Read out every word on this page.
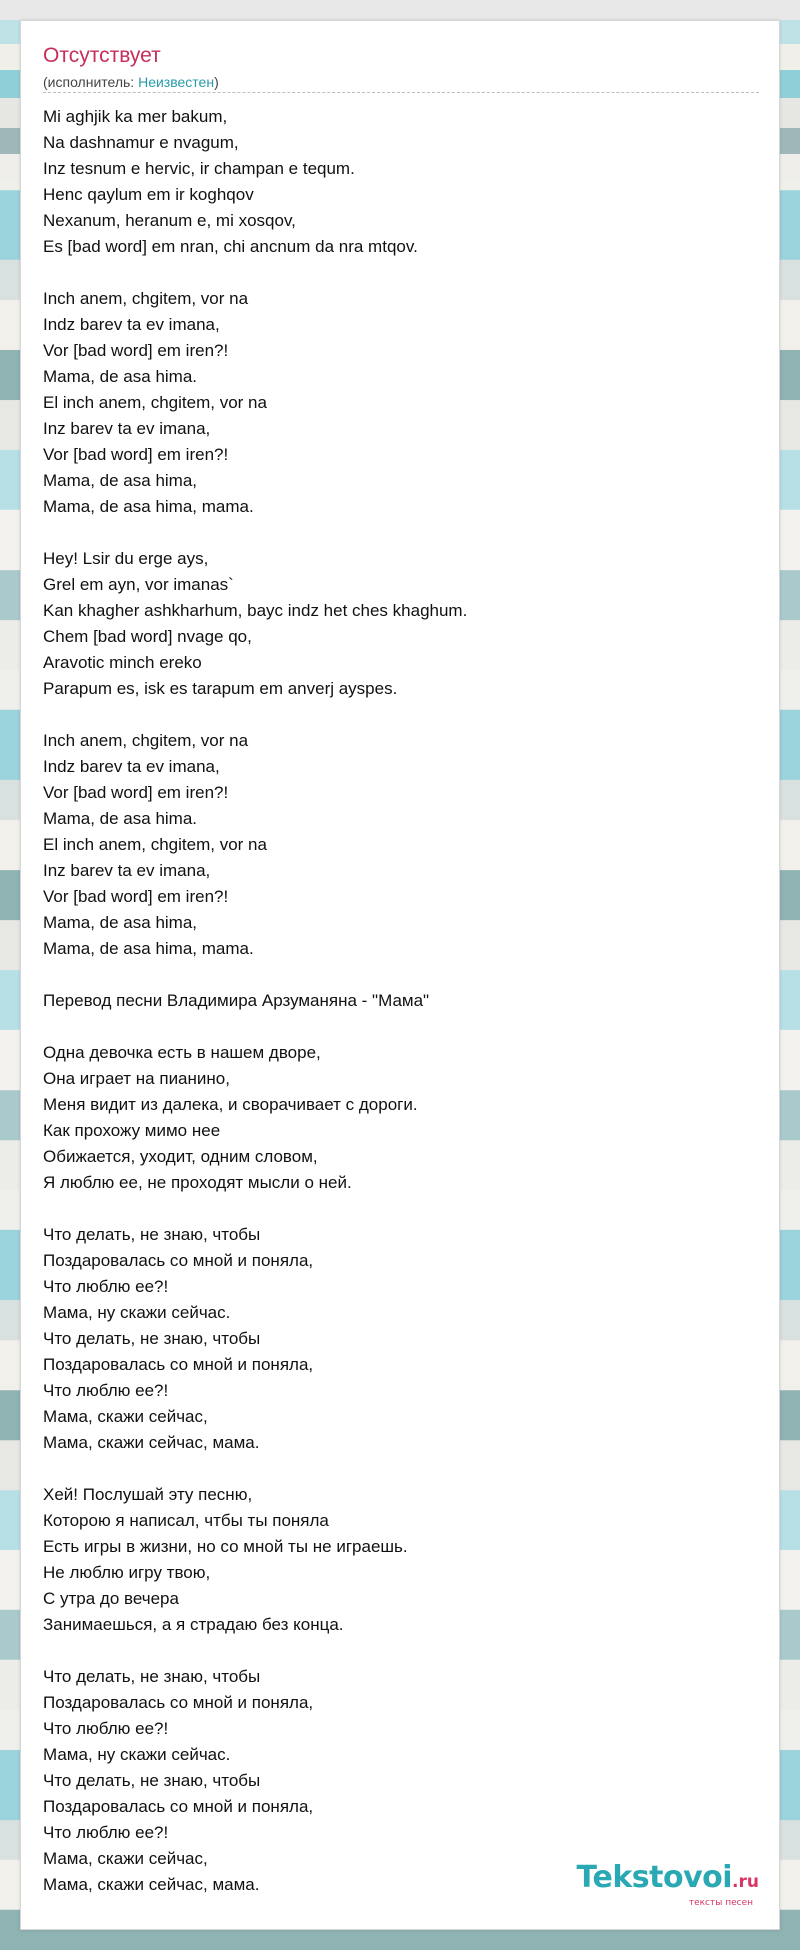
Отсутствует
(исполнитель: Неизвестен)
Mi aghjik ka mer bakum,
Na dashnamur e nvagum,
Inz tesnum e hervic, ir champan e tequm.
Henc qaylum em ir koghqov
Nexanum, heranum e, mi xosqov,
Es [bad word] em nran, chi ancnum da nra mtqov.

Inch anem, chgitem, vor na
Indz barev ta ev imana,
Vor [bad word] em iren?!
Mama, de asa hima.
El inch anem, chgitem, vor na
Inz barev ta ev imana,
Vor [bad word] em iren?!
Mama, de asa hima,
Mama, de asa hima, mama.

Hey! Lsir du erge ays,
Grel em ayn, vor imanas`
Kan khagher ashkharhum, bayc indz het ches khaghum.
Chem [bad word] nvage qo,
Aravotic minch ereko
Parapum es, isk es tarapum em anverj ayspes.

Inch anem, chgitem, vor na
Indz barev ta ev imana,
Vor [bad word] em iren?!
Mama, de asa hima.
El inch anem, chgitem, vor na
Inz barev ta ev imana,
Vor [bad word] em iren?!
Mama, de asa hima,
Mama, de asa hima, mama.

Перевод песни Владимира Арзуманяна - "Мама"

Одна девочка есть в нашем дворе,
Она играет на пианино,
Меня видит из далека, и сворачивает с дороги.
Как прохожу мимо нее
Обижается, уходит, одним словом,
Я люблю ее, не проходят мысли о ней.

Что делать, не знаю, чтобы
Поздаровалась со мной и поняла,
Что люблю ее?!
Мама, ну скажи сейчас.
Что делать, не знаю, чтобы
Поздаровалась со мной и поняла,
Что люблю ее?!
Мама, скажи сейчас,
Мама, скажи сейчас, мама.

Хей! Послушай эту песню,
Которою я написал, чтбы ты поняла
Есть игры в жизни, но со мной ты не играешь.
Не люблю игру твою,
С утра до вечера
Занимаешься, а я страдаю без конца.

Что делать, не знаю, чтобы
Поздаровалась со мной и поняла,
Что люблю ее?!
Мама, ну скажи сейчас.
Что делать, не знаю, чтобы
Поздаровалась со мной и поняла,
Что люблю ее?!
Мама, скажи сейчас,
Мама, скажи сейчас, мама.	Tekstovoi.ru
тексты песен
